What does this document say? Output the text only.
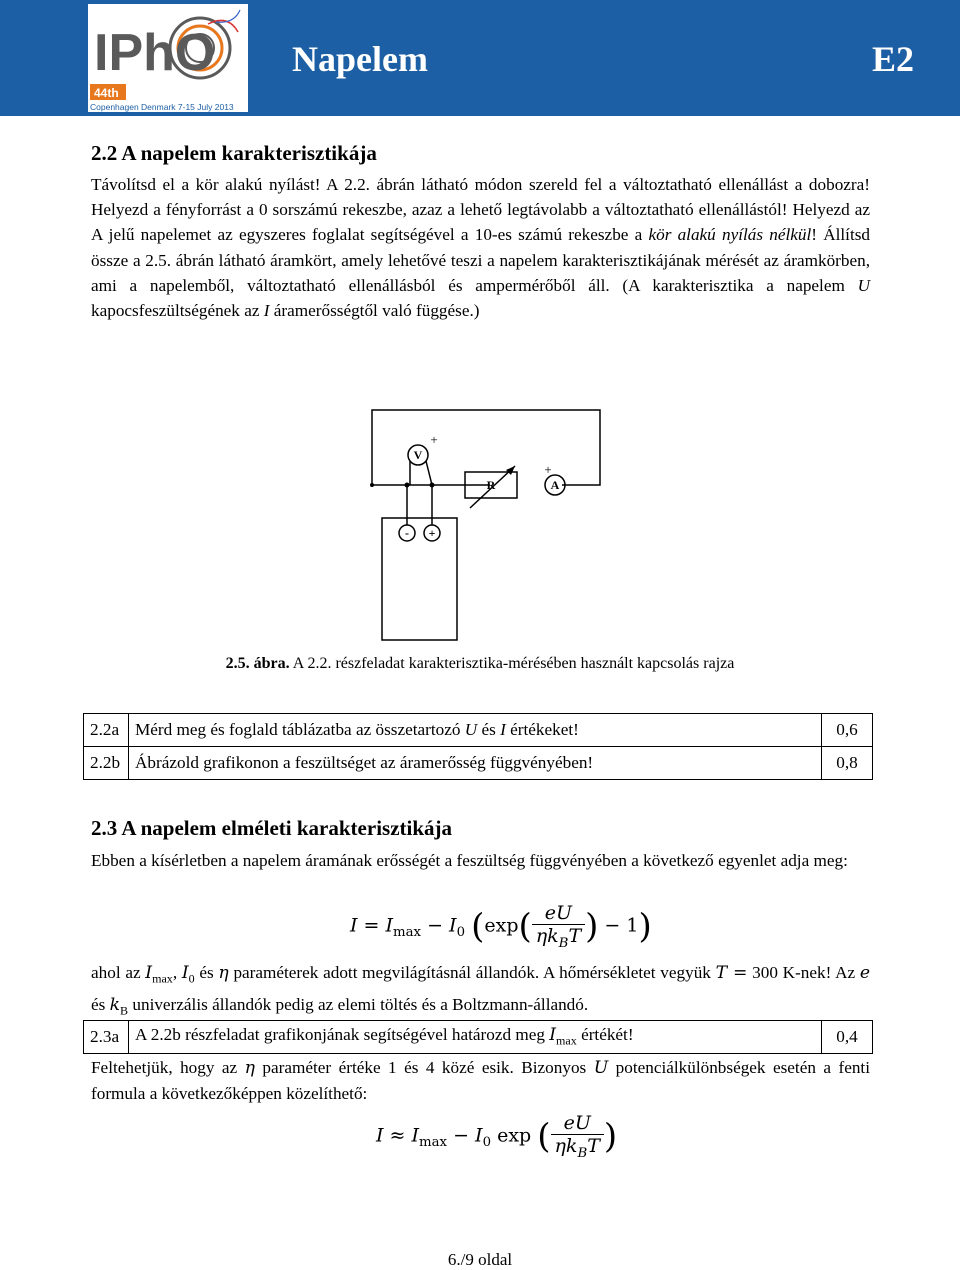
IPhO
44th
Copenhagen Denmark 7-15 July 2013
Napelem	E2
2.2 A napelem karakterisztikája

Távolítsd el a kör alakú nyílást! A 2.2. ábrán látható módon szereld fel a változtatható ellenállást a dobozra! Helyezd a fényforrást a 0 sorszámú rekeszbe, azaz a lehető legtávolabb a változtatható ellenállástól! Helyezd az A jelű napelemet az egyszeres foglalat segítségével a 10-es számú rekeszbe a kör alakú nyílás nélkül! Állítsd össze a 2.5. ábrán látható áramkört, amely lehetővé teszi a napelem karakterisztikájának mérését az áramkörben, ami a napelemből, változtatható ellenállásból és ampermérőből áll. (A karakterisztika a napelem U kapocsfeszültségének az I áramerősségtől való függése.)

V
R	A
- +
+
+
2.5. ábra. A 2.2. részfeladat karakterisztika-mérésében használt kapcsolás rajza
2.2a	Mérd meg és foglald táblázatba az összetartozó U és I értékeket!	0,6
2.2b	Ábrázold grafikonon a feszültséget az áramerősség függvényében!	0,8
2.3 A napelem elméleti karakterisztikája

Ebben a kísérletben a napelem áramának erősségét a feszültség függvényében a következő egyenlet adja meg:

$I = I_{max} - I_0$ ($\exp( \frac{eU}{\eta k_BT}$ ) − 1)

ahol az $I_{max}$, $I_0$ és η paraméterek adott megvilágításnál állandók. A hőmérsékletet vegyük T = 300 K-nek! Az e és $k_B$ univerzális állandók pedig az elemi töltés és a Boltzmann-állandó.

2.3a	A 2.2b részfeladat grafikonjának segítségével határozd meg $I_{max}$ értékét!	0,4

Feltehetjük, hogy az η paraméter értéke 1 és 4 közé esik. Bizonyos U potenciálkülönbségek esetén a fenti formula a következőképpen közelíthető:

$I \approx I_{max} - I_0$ exp ( $\frac{eU}{\eta k_BT}$ )
6./9 oldal
